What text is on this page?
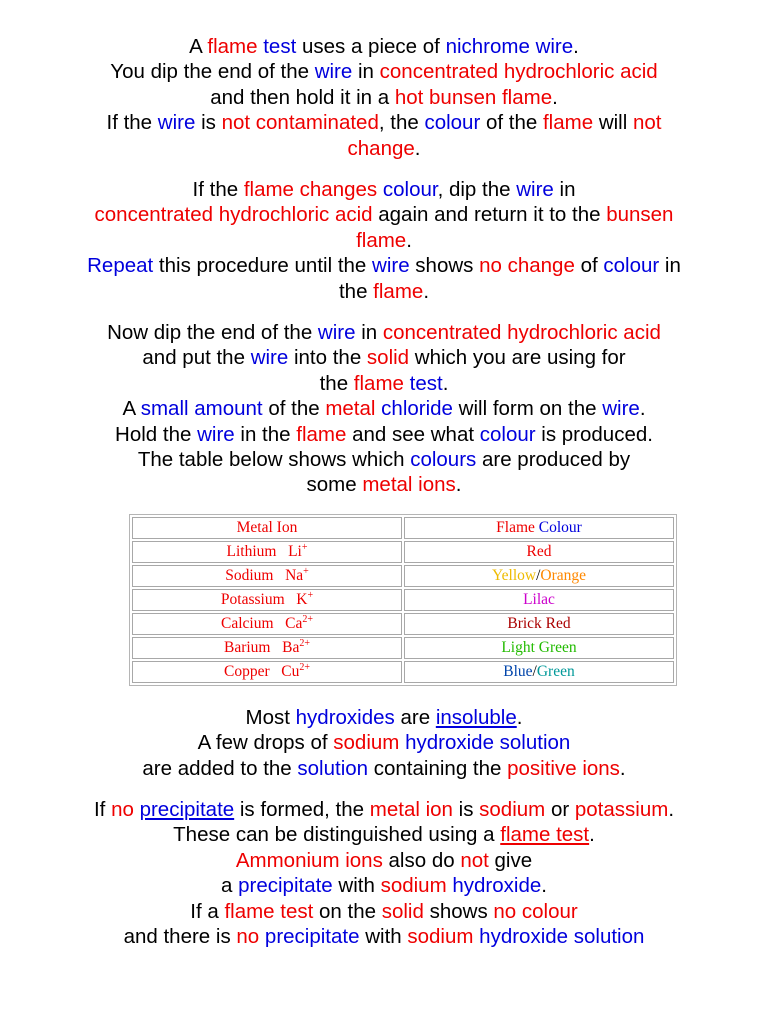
A flame test uses a piece of nichrome wire.
You dip the end of the wire in concentrated hydrochloric acid
and then hold it in a hot bunsen flame.
If the wire is not contaminated, the colour of the flame will not
change.
If the flame changes colour, dip the wire in
concentrated hydrochloric acid again and return it to the bunsen
flame.
Repeat this procedure until the wire shows no change of colour in
the flame.
Now dip the end of the wire in concentrated hydrochloric acid
and put the wire into the solid which you are using for
the flame test.
A small amount of the metal chloride will form on the wire.
Hold the wire in the flame and see what colour is produced.
The table below shows which colours are produced by
some metal ions.
Metal Ion	Flame Colour
Lithium Li+	Red
Sodium Na+	Yellow/Orange
Potassium K+	Lilac
Calcium $Ca^{2+}$	Brick Red
Barium $Ba^{2+}$	Light Green
Copper $Cu^{2+}$	Blue/Green
Most hydroxides are insoluble.
A few drops of sodium hydroxide solution
are added to the solution containing the positive ions.
If no precipitate is formed, the metal ion is sodium or potassium.
These can be distinguished using a flame test.
Ammonium ions also do not give
a precipitate with sodium hydroxide.
If a flame test on the solid shows no colour
and there is no precipitate with sodium hydroxide solution
